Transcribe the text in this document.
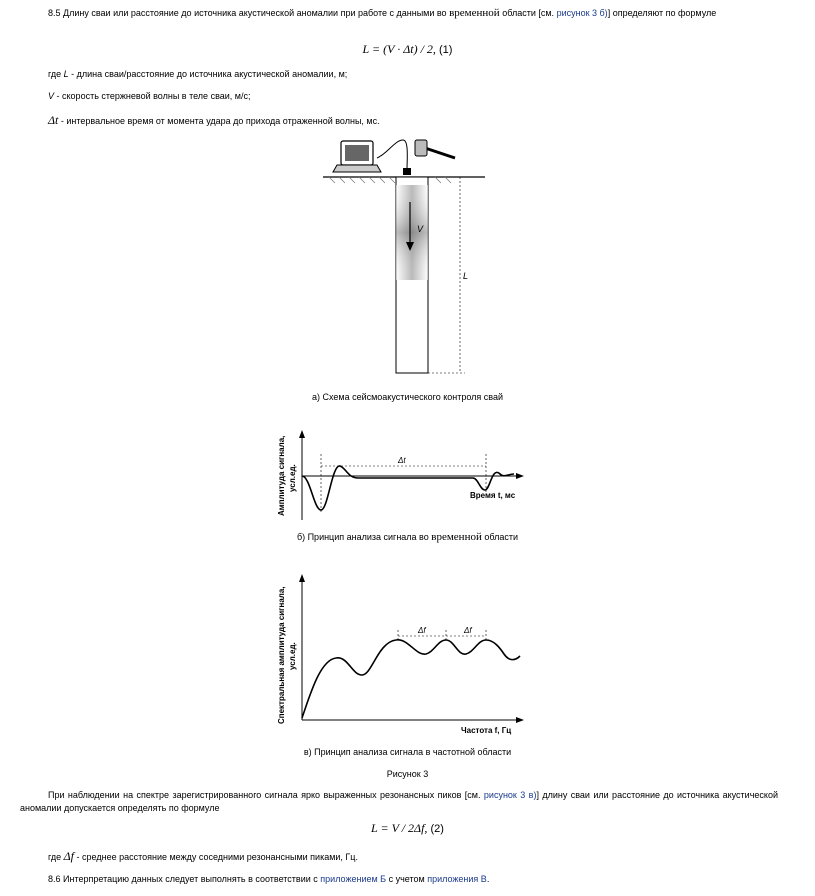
8.5 Длину сваи или расстояние до источника акустической аномалии при работе с данными во временной области [см. рисунок 3 б)] определяют по формуле
L = (V · Δt) / 2, (1)
где L - длина сваи/расстояние до источника акустической аномалии, м;
V - скорость стержневой волны в теле сваи, м/с;
Δt - интервальное время от момента удара до прихода отраженной волны, мс.
V
L
а) Схема сейсмоакустического контроля свай
Амплитуда сигнала, усл.ед.
Δt
Время t, мс
б) Принцип анализа сигнала во временной области
Спектральная амплитуда сигнала, усл.ед.
Δf	Δf
Частота f, Гц
в) Принцип анализа сигнала в частотной области
Рисунок 3
При наблюдении на спектре зарегистрированного сигнала ярко выраженных резонансных пиков [см. рисунок 3 в)] длину сваи или расстояние до источника акустической аномалии допускается определять по формуле
L = V / 2Δf, (2)
где Δf - среднее расстояние между соседними резонансными пиками, Гц.
8.6 Интерпретацию данных следует выполнять в соответствии с приложением Б с учетом приложения В.
